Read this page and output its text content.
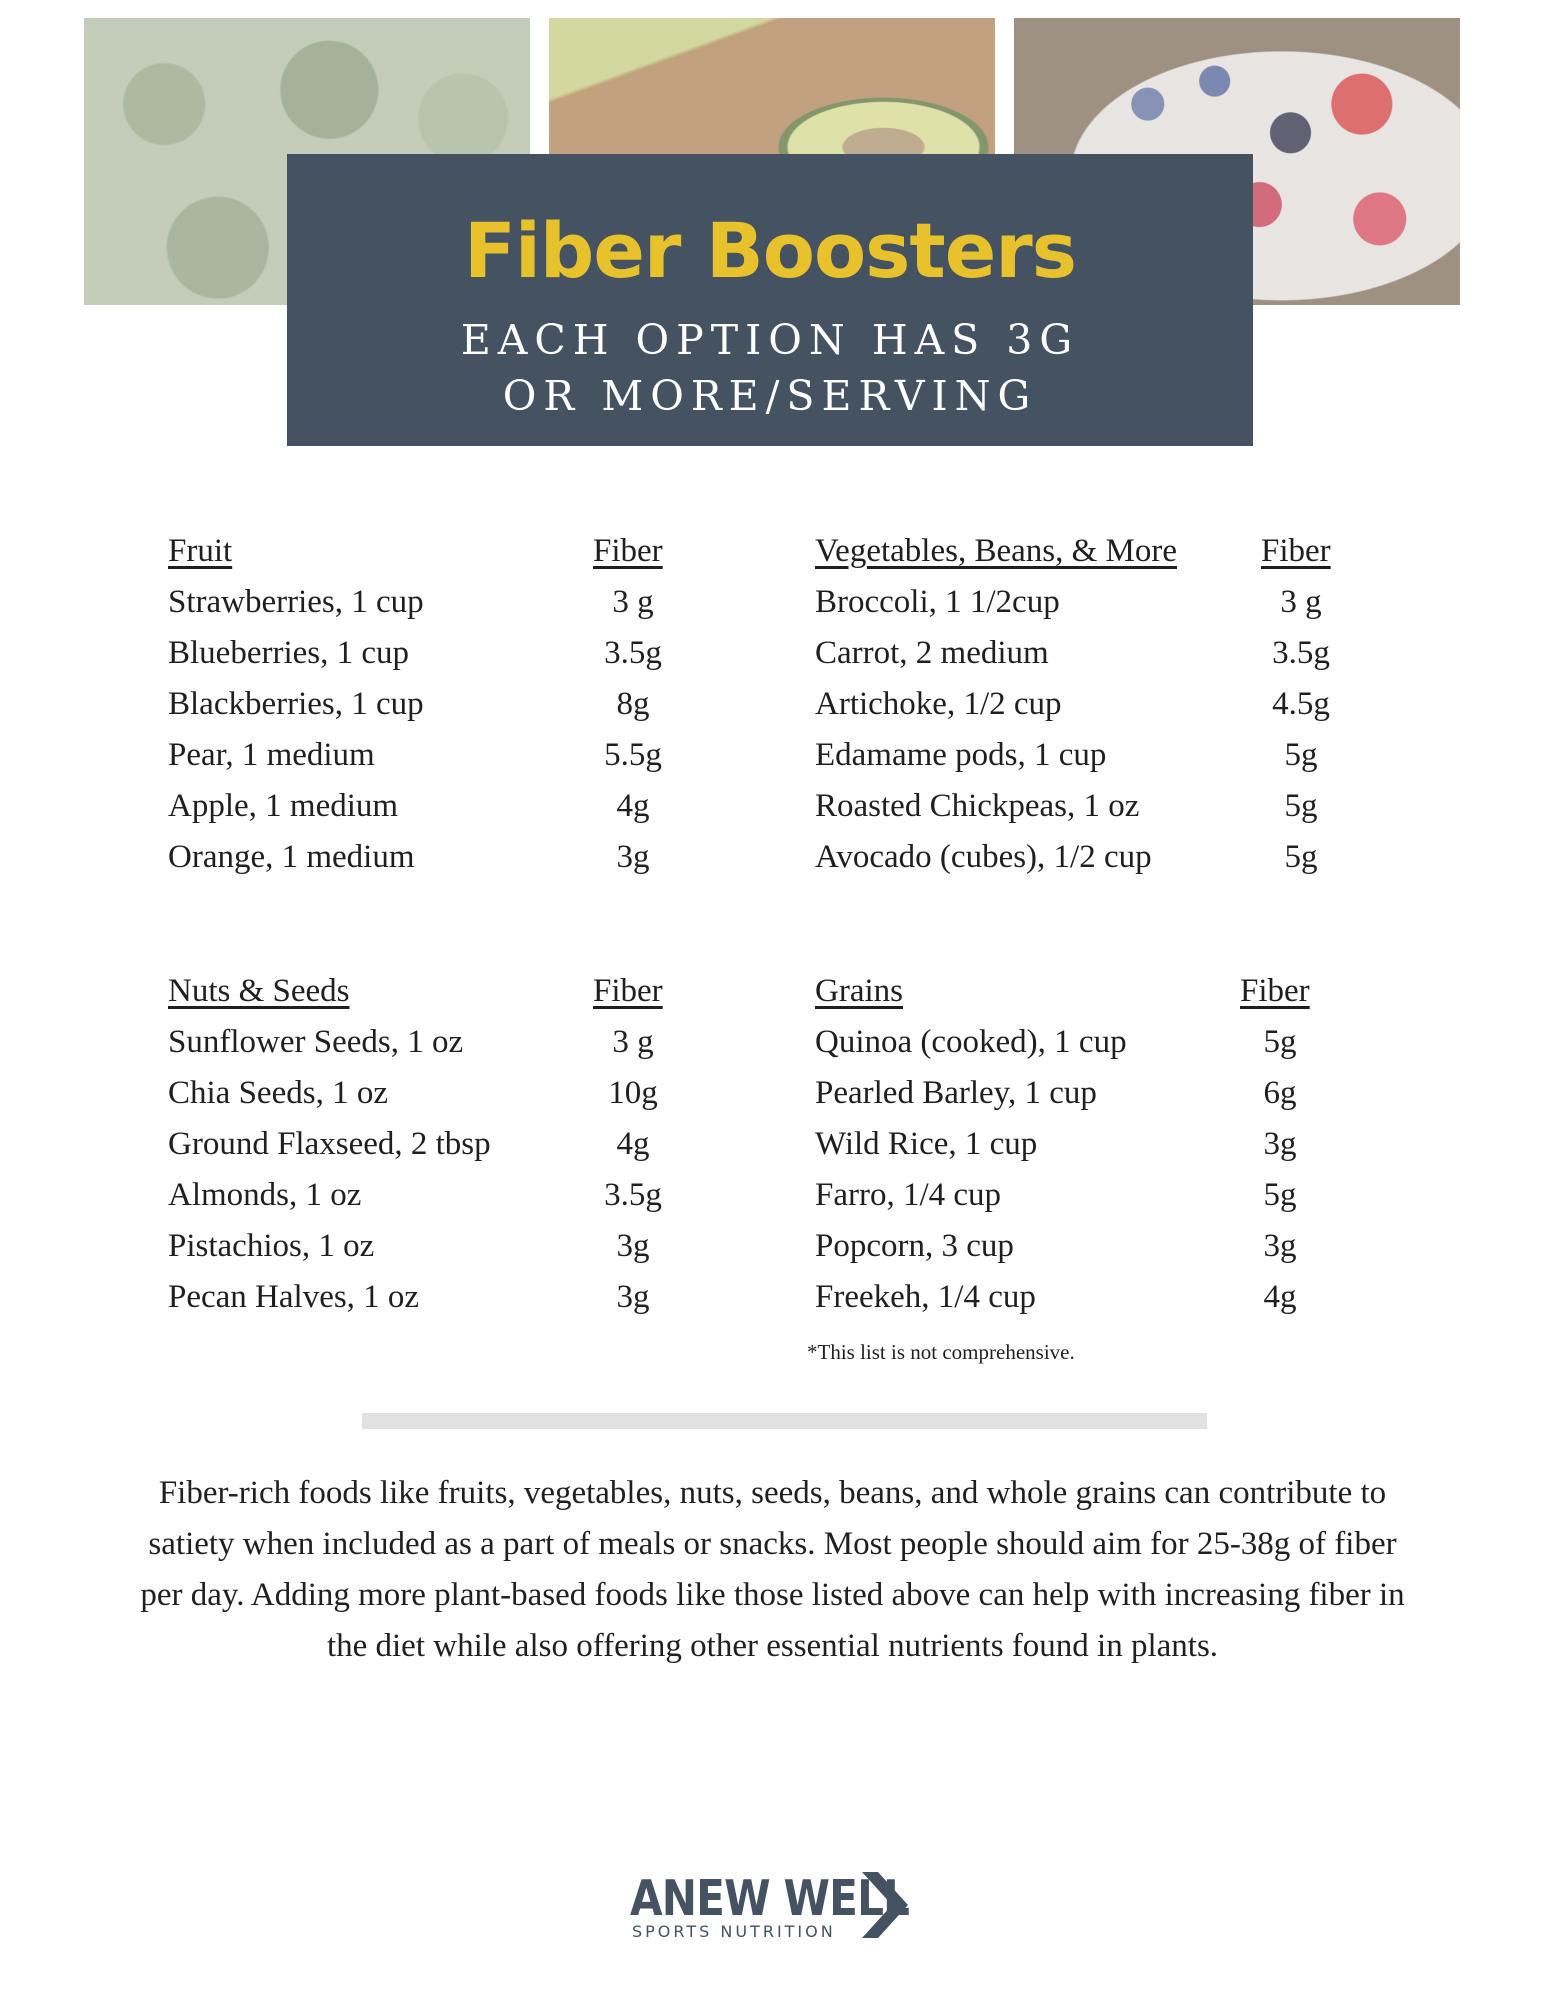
Fiber Boosters
EACH OPTION HAS 3G OR MORE/SERVING
Fruit	Fiber
Strawberries, 1 cup	3 g
Blueberries, 1 cup	3.5g
Blackberries, 1 cup	8g
Pear, 1 medium	5.5g
Apple, 1 medium	4g
Orange, 1 medium	3g
Vegetables, Beans, & More	Fiber
Broccoli, 1 1/2cup	3 g
Carrot, 2 medium	3.5g
Artichoke, 1/2 cup	4.5g
Edamame pods, 1 cup	5g
Roasted Chickpeas, 1 oz	5g
Avocado (cubes), 1/2 cup	5g
Nuts & Seeds	Fiber
Sunflower Seeds, 1 oz	3 g
Chia Seeds, 1 oz	10g
Ground Flaxseed, 2 tbsp	4g
Almonds, 1 oz	3.5g
Pistachios, 1 oz	3g
Pecan Halves, 1 oz	3g
Grains	Fiber
Quinoa (cooked), 1 cup	5g
Pearled Barley, 1 cup	6g
Wild Rice, 1 cup	3g
Farro, 1/4 cup	5g
Popcorn, 3 cup	3g
Freekeh, 1/4 cup	4g
*This list is not comprehensive.
Fiber-rich foods like fruits, vegetables, nuts, seeds, beans, and whole grains can contribute to satiety when included as a part of meals or snacks. Most people should aim for 25-38g of fiber per day. Adding more plant-based foods like those listed above can help with increasing fiber in the diet while also offering other essential nutrients found in plants.
ANEW WELL
SPORTS NUTRITION
